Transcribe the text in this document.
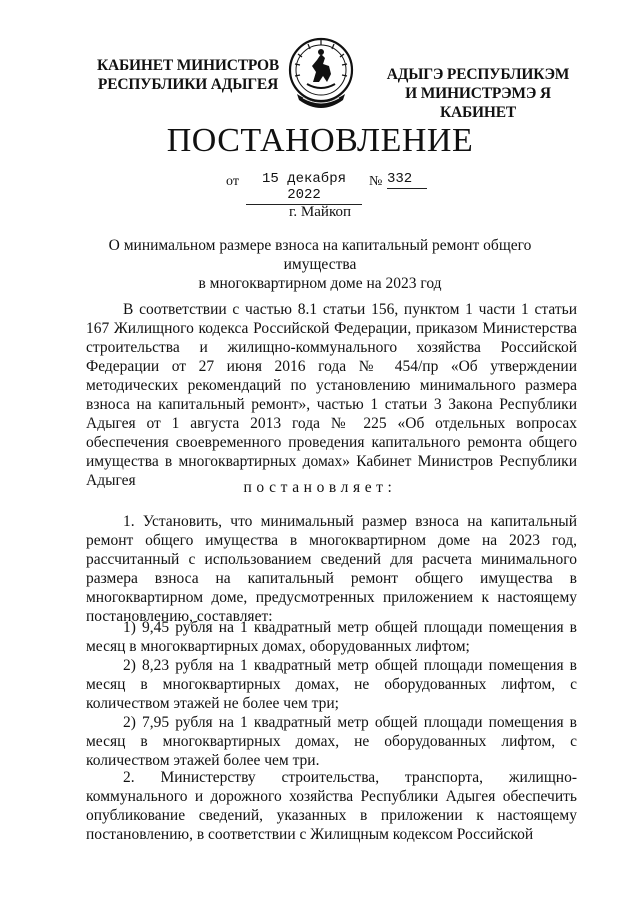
КАБИНЕТ МИНИСТРОВ
РЕСПУБЛИКИ АДЫГЕЯ
АДЫГЭ РЕСПУБЛИКЭМ
И МИНИСТРЭМЭ Я КАБИНЕТ
ПОСТАНОВЛЕНИЕ
от	15 декабря 2022
№ 332
г. Майкоп
О минимальном размере взноса на капитальный ремонт общего имущества
в многоквартирном доме на 2023 год

В соответствии с частью 8.1 статьи 156, пунктом 1 части 1 статьи 167 Жилищного кодекса Российской Федерации, приказом Министерства строительства и жилищно-коммунального хозяйства Российской Федерации от 27 июня 2016 года № 454/пр «Об утверждении методических рекомендаций по установлению минимального размера взноса на капитальный ремонт», частью 1 статьи 3 Закона Республики Адыгея от 1 августа 2013 года № 225 «Об отдельных вопросах обеспечения своевременного проведения капитального ремонта общего имущества в многоквартирных домах» Кабинет Министров Республики Адыгея	постановляет:

1. Установить, что минимальный размер взноса на капитальный ремонт общего имущества в многоквартирном доме на 2023 год, рассчитанный с использованием сведений для расчета минимального размера взноса на капитальный ремонт общего имущества в многоквартирном доме, предусмотренных приложением к настоящему постановлению, составляет:

1) 9,45 рубля на 1 квадратный метр общей площади помещения в месяц в многоквартирных домах, оборудованных лифтом;

2) 8,23 рубля на 1 квадратный метр общей площади помещения в месяц в многоквартирных домах, не оборудованных лифтом, с количеством этажей не более чем три;

2) 7,95 рубля на 1 квадратный метр общей площади помещения в месяц в многоквартирных домах, не оборудованных лифтом, с количеством этажей более чем три.

2. Министерству строительства, транспорта, жилищно-коммунального и дорожного хозяйства Республики Адыгея обеспечить опубликование сведений, указанных в приложении к настоящему постановлению, в соответствии с Жилищным кодексом Российской
